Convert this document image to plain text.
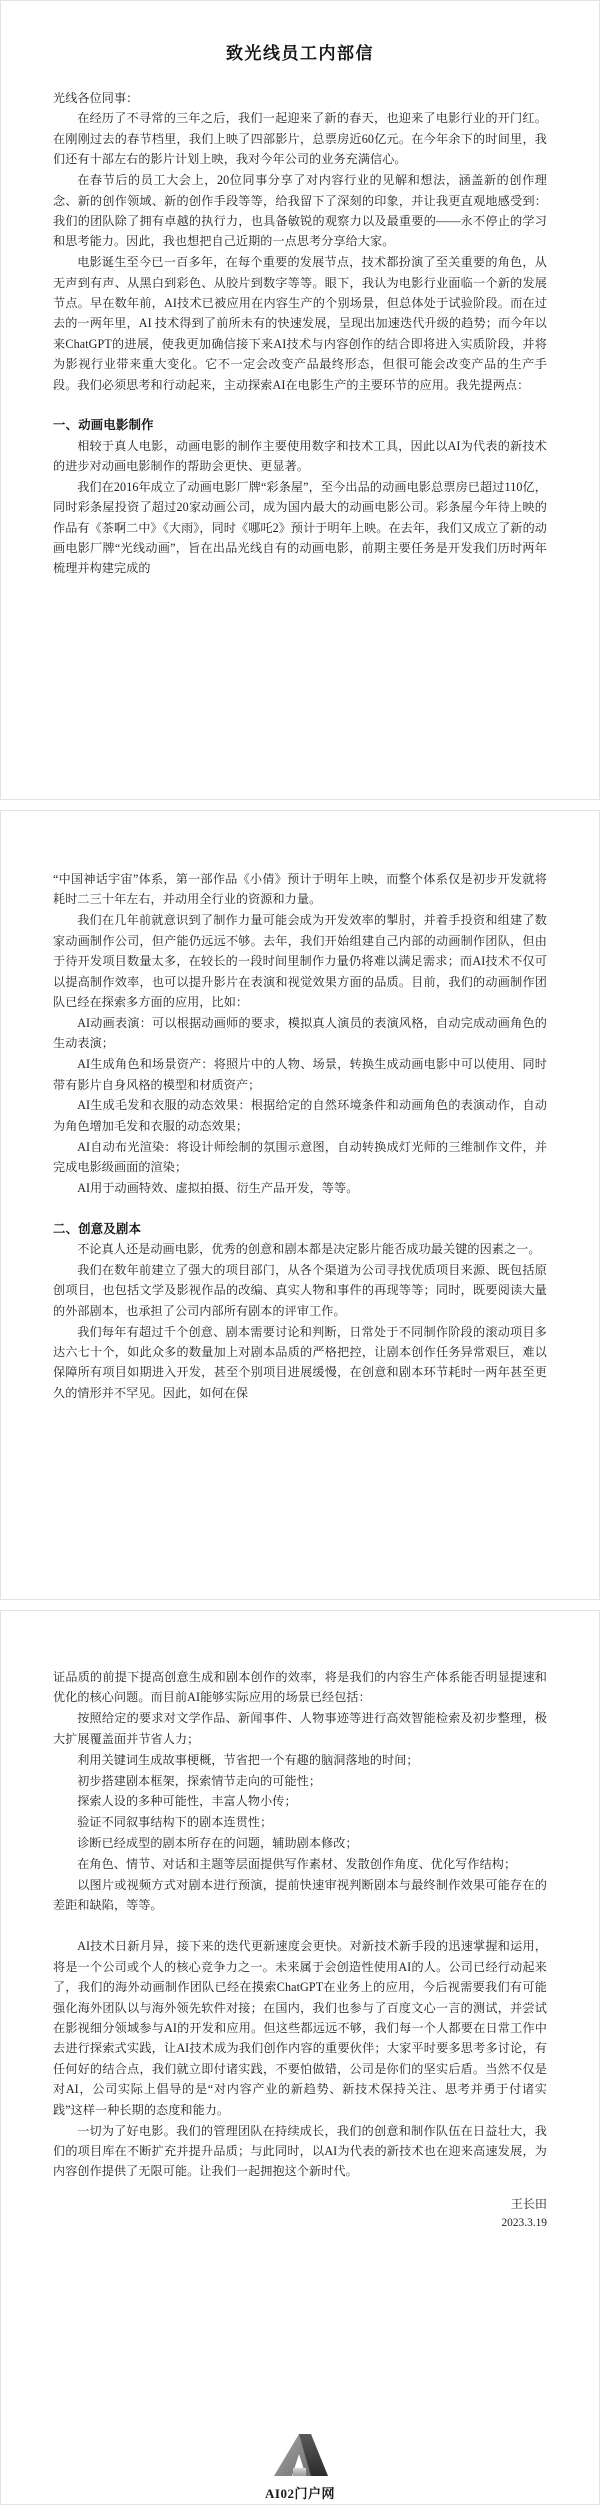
致光线员工内部信

光线各位同事：

在经历了不寻常的三年之后，我们一起迎来了新的春天，也迎来了电影行业的开门红。在刚刚过去的春节档里，我们上映了四部影片，总票房近60亿元。在今年余下的时间里，我们还有十部左右的影片计划上映，我对今年公司的业务充满信心。

在春节后的员工大会上，20位同事分享了对内容行业的见解和想法，涵盖新的创作理念、新的创作领域、新的创作手段等等，给我留下了深刻的印象，并让我更直观地感受到：我们的团队除了拥有卓越的执行力，也具备敏锐的观察力以及最重要的——永不停止的学习和思考能力。因此，我也想把自己近期的一点思考分享给大家。

电影诞生至今已一百多年，在每个重要的发展节点，技术都扮演了至关重要的角色，从无声到有声、从黑白到彩色、从胶片到数字等等。眼下，我认为电影行业面临一个新的发展节点。早在数年前，AI技术已被应用在内容生产的个别场景，但总体处于试验阶段。而在过去的一两年里，AI 技术得到了前所未有的快速发展，呈现出加速迭代升级的趋势；而今年以来ChatGPT的进展，使我更加确信接下来AI技术与内容创作的结合即将进入实质阶段，并将为影视行业带来重大变化。它不一定会改变产品最终形态，但很可能会改变产品的生产手段。我们必须思考和行动起来，主动探索AI在电影生产的主要环节的应用。我先提两点：

一、动画电影制作

相较于真人电影，动画电影的制作主要使用数字和技术工具，因此以AI为代表的新技术的进步对动画电影制作的帮助会更快、更显著。

我们在2016年成立了动画电影厂牌“彩条屋”，至今出品的动画电影总票房已超过110亿，同时彩条屋投资了超过20家动画公司，成为国内最大的动画电影公司。彩条屋今年待上映的作品有《茶啊二中》《大雨》，同时《哪吒2》预计于明年上映。在去年，我们又成立了新的动画电影厂牌“光线动画”，旨在出品光线自有的动画电影，前期主要任务是开发我们历时两年梳理并构建完成的

“中国神话宇宙”体系，第一部作品《小倩》预计于明年上映，而整个体系仅是初步开发就将耗时二三十年左右，并动用全行业的资源和力量。

我们在几年前就意识到了制作力量可能会成为开发效率的掣肘，并着手投资和组建了数家动画制作公司，但产能仍远远不够。去年，我们开始组建自己内部的动画制作团队，但由于待开发项目数量太多，在较长的一段时间里制作力量仍将难以满足需求；而AI技术不仅可以提高制作效率，也可以提升影片在表演和视觉效果方面的品质。目前，我们的动画制作团队已经在探索多方面的应用，比如：

AI动画表演：可以根据动画师的要求，模拟真人演员的表演风格，自动完成动画角色的生动表演；

AI生成角色和场景资产：将照片中的人物、场景，转换生成动画电影中可以使用、同时带有影片自身风格的模型和材质资产；

AI生成毛发和衣服的动态效果：根据给定的自然环境条件和动画角色的表演动作，自动为角色增加毛发和衣服的动态效果；

AI自动布光渲染：将设计师绘制的氛围示意图，自动转换成灯光师的三维制作文件，并完成电影级画面的渲染；

AI用于动画特效、虚拟拍摄、衍生产品开发，等等。

二、创意及剧本

不论真人还是动画电影，优秀的创意和剧本都是决定影片能否成功最关键的因素之一。

我们在数年前建立了强大的项目部门，从各个渠道为公司寻找优质项目来源、既包括原创项目，也包括文学及影视作品的改编、真实人物和事件的再现等等；同时，既要阅读大量的外部剧本，也承担了公司内部所有剧本的评审工作。

我们每年有超过千个创意、剧本需要讨论和判断，日常处于不同制作阶段的滚动项目多达六七十个，如此众多的数量加上对剧本品质的严格把控，让剧本创作任务异常艰巨，难以保障所有项目如期进入开发，甚至个别项目进展缓慢，在创意和剧本环节耗时一两年甚至更久的情形并不罕见。因此，如何在保

证品质的前提下提高创意生成和剧本创作的效率，将是我们的内容生产体系能否明显提速和优化的核心问题。而目前AI能够实际应用的场景已经包括：

按照给定的要求对文学作品、新闻事件、人物事迹等进行高效智能检索及初步整理，极大扩展覆盖面并节省人力；

利用关键词生成故事梗概，节省把一个有趣的脑洞落地的时间；

初步搭建剧本框架，探索情节走向的可能性；

探索人设的多种可能性，丰富人物小传；

验证不同叙事结构下的剧本连贯性；

诊断已经成型的剧本所存在的问题，辅助剧本修改；

在角色、情节、对话和主题等层面提供写作素材、发散创作角度、优化写作结构；

以图片或视频方式对剧本进行预演，提前快速审视判断剧本与最终制作效果可能存在的差距和缺陷，等等。

AI技术日新月异，接下来的迭代更新速度会更快。对新技术新手段的迅速掌握和运用，将是一个公司或个人的核心竞争力之一。未来属于会创造性使用AI的人。公司已经行动起来了，我们的海外动画制作团队已经在摸索ChatGPT在业务上的应用，今后视需要我们有可能强化海外团队以与海外领先软件对接；在国内，我们也参与了百度文心一言的测试，并尝试在影视细分领域参与AI的开发和应用。但这些都远远不够，我们每一个人都要在日常工作中去进行探索式实践，让AI技术成为我们创作内容的重要伙伴；大家平时要多思考多讨论，有任何好的结合点，我们就立即付诸实践，不要怕做错，公司是你们的坚实后盾。当然不仅是对AI，公司实际上倡导的是“对内容产业的新趋势、新技术保持关注、思考并勇于付诸实践”这样一种长期的态度和能力。

一切为了好电影。我们的管理团队在持续成长，我们的创意和制作队伍在日益壮大，我们的项目库在不断扩充并提升品质；与此同时，以AI为代表的新技术也在迎来高速发展，为内容创作提供了无限可能。让我们一起拥抱这个新时代。

王长田
2023.3.19
AI02门户网
